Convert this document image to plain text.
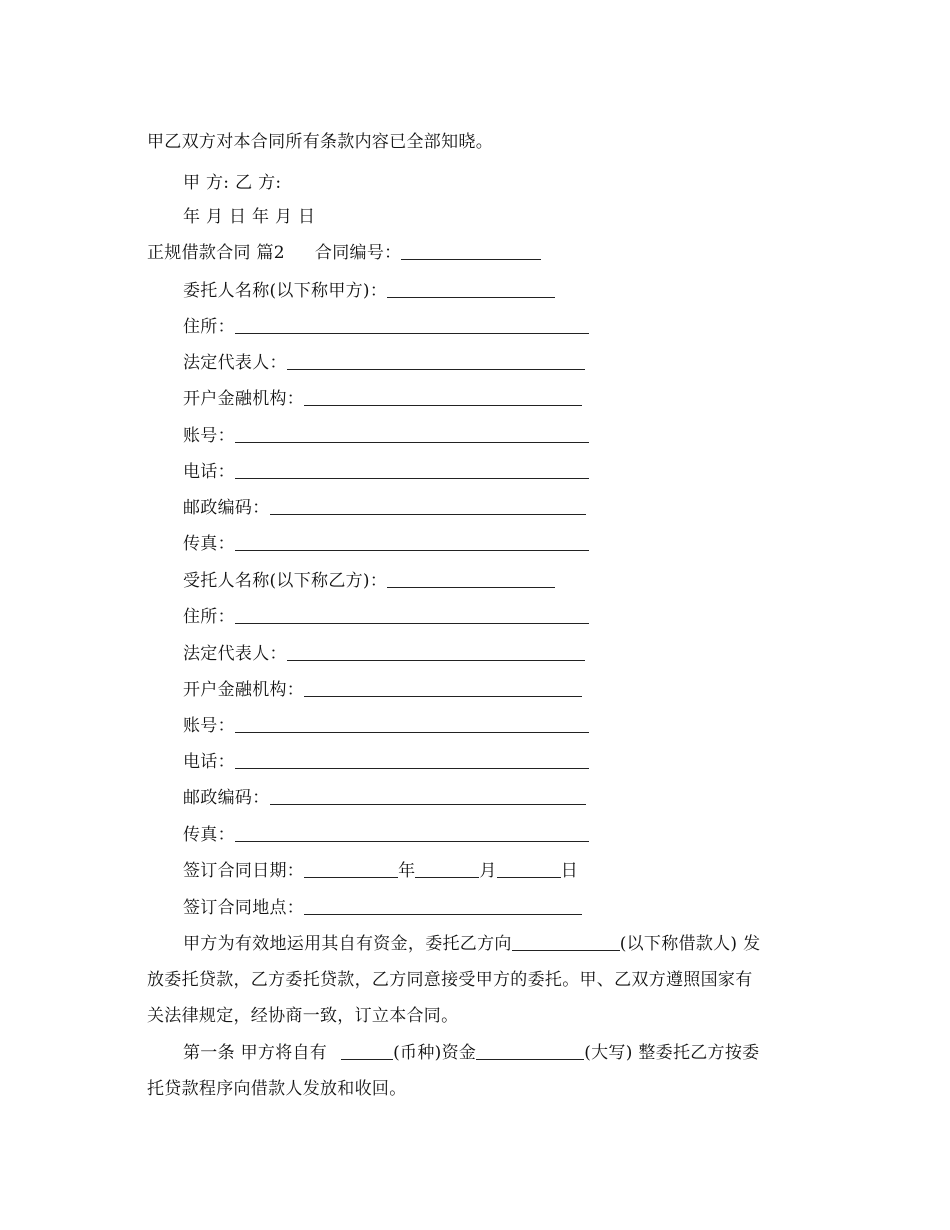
甲乙双方对本合同所有条款内容已全部知晓。
甲 方: 乙 方:
年 月 日 年 月 日
正规借款合同 篇2 合同编号：
委托人名称(以下称甲方)：
住所：
法定代表人：
开户金融机构：
账号：
电话：
邮政编码：
传真：
受托人名称(以下称乙方)：
住所：
法定代表人：
开户金融机构：
账号：
电话：
邮政编码：
传真：
签订合同日期：	年	月	日
签订合同地点：
甲方为有效地运用其自有资金，委托乙方向	(以下称借款人) 发
放委托贷款，乙方委托贷款，乙方同意接受甲方的委托。甲、乙双方遵照国家有
关法律规定，经协商一致，订立本合同。
第一条 甲方将自有	(币种)资金	(大写) 整委托乙方按委
托贷款程序向借款人发放和收回。
